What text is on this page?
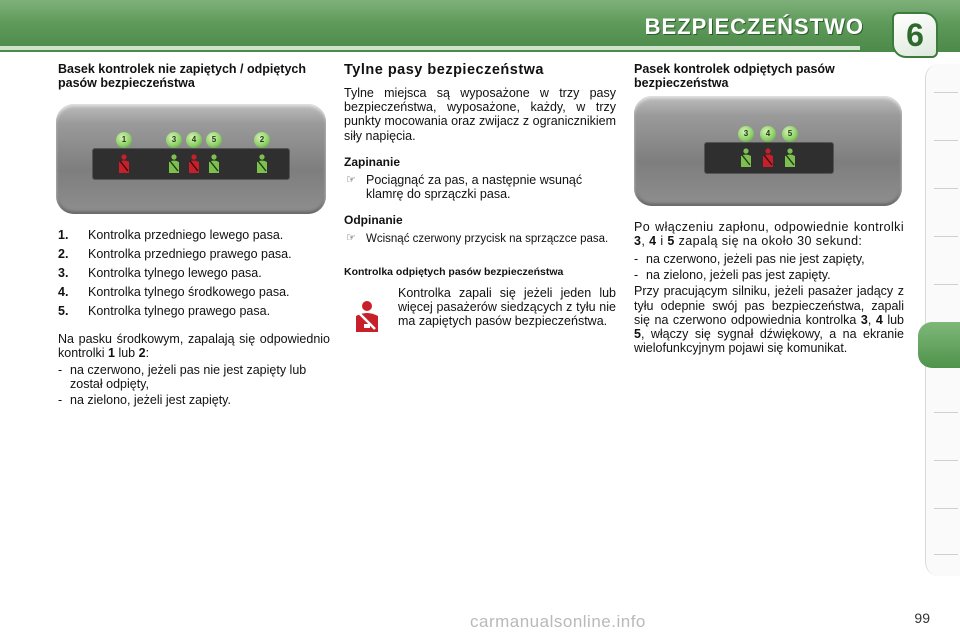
BEZPIECZEŃSTWO	6
Basek kontrolek nie zapiętych / odpiętych pasów bezpieczeństwa
1	3	4	5	2
1. Kontrolka przedniego lewego pasa.
2. Kontrolka przedniego prawego pasa.
3. Kontrolka tylnego lewego pasa.
4. Kontrolka tylnego środkowego pasa.
5. Kontrolka tylnego prawego pasa.
Na pasku środkowym, zapalają się odpowiednio kontrolki 1 lub 2:
- na czerwono, jeżeli pas nie jest zapięty lub został odpięty,
- na zielono, jeżeli jest zapięty.
Tylne pasy bezpieczeństwa
Tylne miejsca są wyposażone w trzy pasy bezpieczeństwa, wyposażone, każdy, w trzy punkty mocowania oraz zwijacz z ogranicznikiem siły napięcia.
Zapinanie
☞ Pociągnąć za pas, a następnie wsunąć klamrę do sprzączki pasa.
Odpinanie
☞ Wcisnąć czerwony przycisk na sprzączce pasa.
Kontrolka odpiętych pasów bezpieczeństwa
Kontrolka zapali się jeżeli jeden lub więcej pasażerów siedzących z tyłu nie ma zapiętych pasów bezpieczeństwa.
Pasek kontrolek odpiętych pasów bezpieczeństwa
3	4	5
Po włączeniu zapłonu, odpowiednie kontrolki 3, 4 i 5 zapalą się na około 30 sekund:
- na czerwono, jeżeli pas nie jest zapięty,
- na zielono, jeżeli pas jest zapięty.
Przy pracującym silniku, jeżeli pasażer jadący z tyłu odepnie swój pas bezpieczeństwa, zapali się na czerwono odpowiednia kontrolka 3, 4 lub 5, włączy się sygnał dźwiękowy, a na ekranie wielofunkcyjnym pojawi się komunikat.
carmanualsonline.info	99
